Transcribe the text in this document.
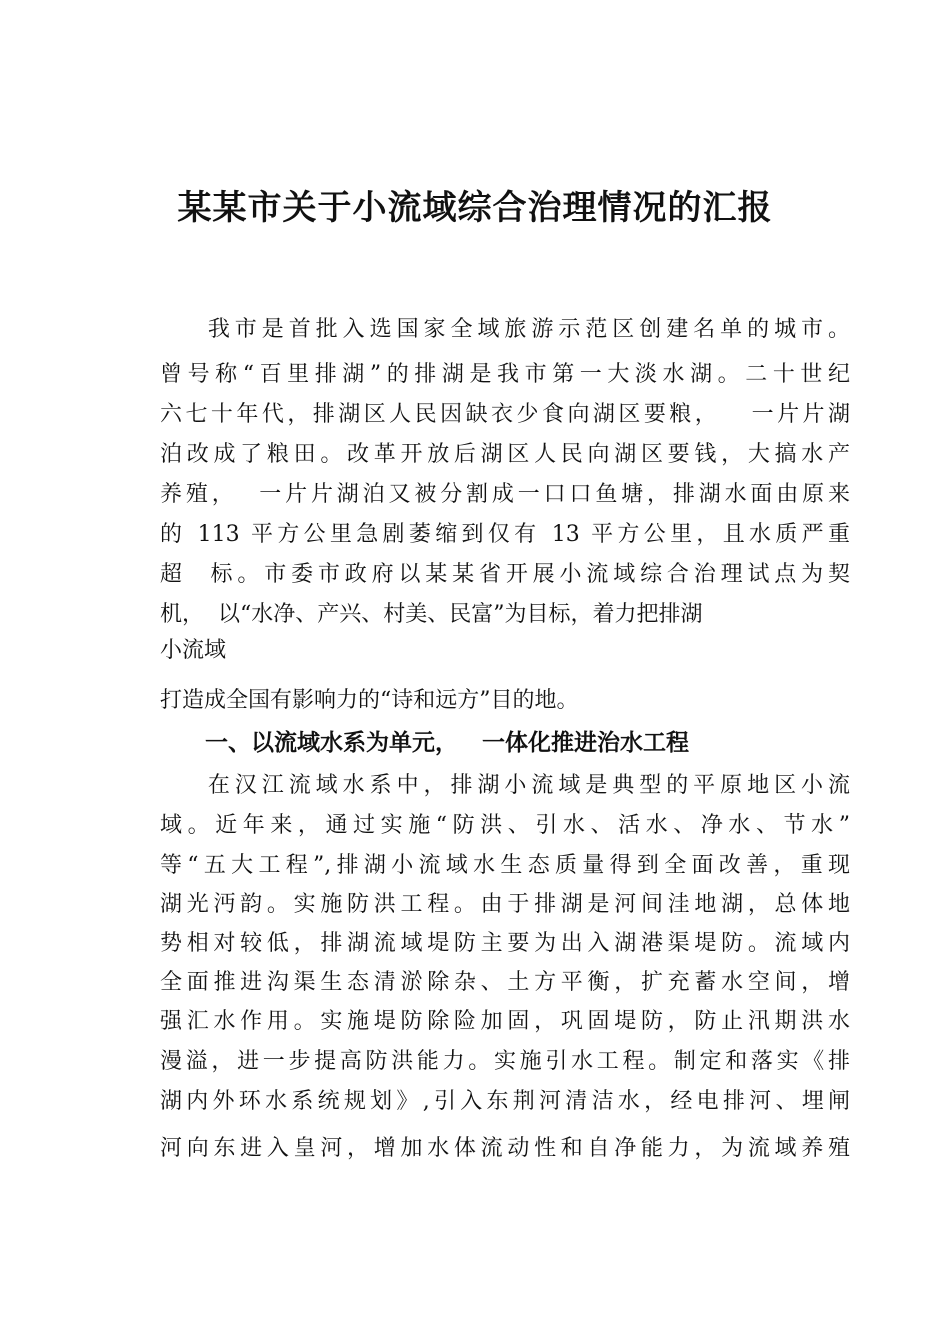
某某市关于小流域综合治理情况的汇报
我市是首批入选国家全域旅游示范区创建名单的城市。
曾号称“百里排湖”的排湖是我市第一大淡水湖。二十世纪
六七十年代，排湖区人民因缺衣少食向湖区要粮，   一片片湖
泊改成了粮田。改革开放后湖区人民向湖区要钱，大搞水产
养殖，  一片片湖泊又被分割成一口口鱼塘，排湖水面由原来
的 113 平方公里急剧萎缩到仅有 13 平方公里，且水质严重
超  标。市委市政府以某某省开展小流域综合治理试点为契
机，  以“水净、产兴、村美、民富”为目标，着力把排湖
小流域
打造成全国有影响力的“诗和远方”目的地。
一、以流域水系为单元，   一体化推进治水工程
在汉江流域水系中，排湖小流域是典型的平原地区小流
域。近年来，通过实施“防洪、引水、活水、净水、节水”
等“五大工程”,排湖小流域水生态质量得到全面改善，重现
湖光沔韵。实施防洪工程。由于排湖是河间洼地湖，总体地
势相对较低，排湖流域堤防主要为出入湖港渠堤防。流域内
全面推进沟渠生态清淤除杂、土方平衡，扩充蓄水空间，增
强汇水作用。实施堤防除险加固，巩固堤防，防止汛期洪水
漫溢，进一步提高防洪能力。实施引水工程。制定和落实《排
湖内外环水系统规划》,引入东荆河清洁水，经电排河、埋闸
河向东进入皇河，增加水体流动性和自净能力，为流域养殖
